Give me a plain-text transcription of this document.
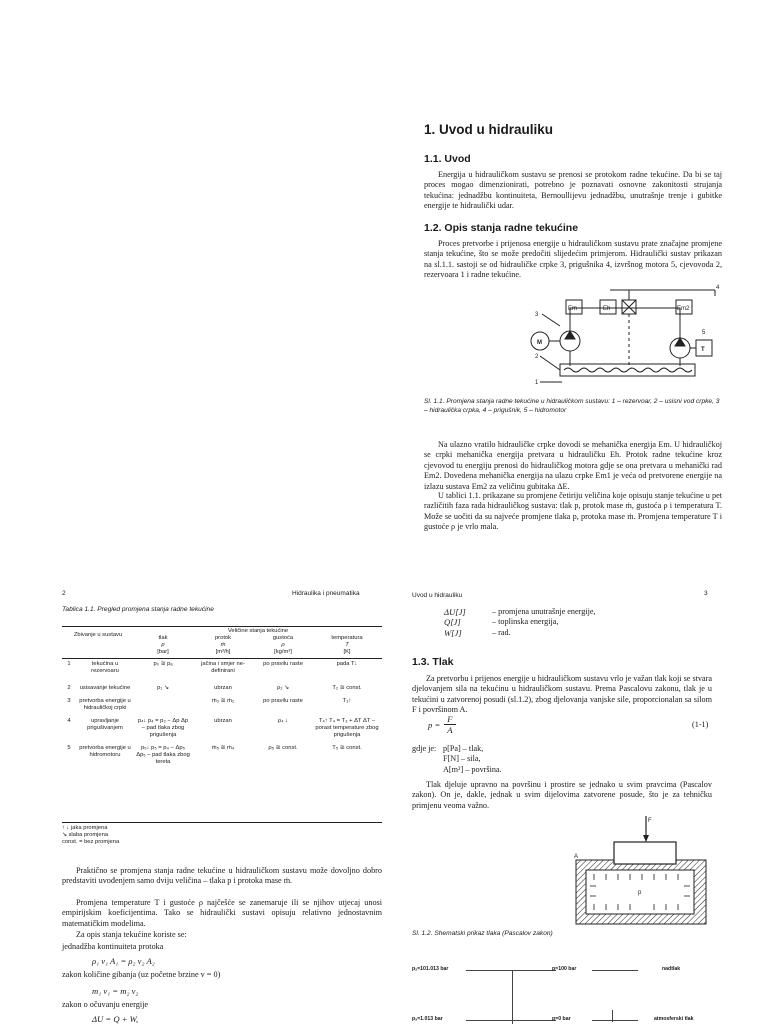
1. Uvod u hidrauliku
1.1. Uvod
Energija u hidrauličkom sustavu se prenosi se protokom radne tekućine. Da bi se taj proces mogao dimenzionirati, potrebno je poznavati osnovne zakonitosti strujanja tekućina: jednadžbu kontinuiteta, Bernoullijevu jednadžbu, unutrašnje trenje i gubitke energije te hidraulički udar.
1.2. Opis stanja radne tekućine
Proces pretvorbe i prijenosa energije u hidrauličkom sustavu prate značajne promjene stanja tekućine, što se može predočiti slijedećim primjerom. Hidraulički sustav prikazan na sl.1.1. sastoji se od hidrauličke crpke 3, prigušnika 4, izvršnog motora 5, cjevovoda 2, rezervoara 1 i radne tekućine.
3
2
1
4
5
M
T
Em	Eh	Em2
Sl. 1.1. Promjena stanja radne tekućine u hidrauličkom sustavu: 1 – rezervoar, 2 – usisni vod crpke, 3 – hidraulička crpka, 4 – prigušnik, 5 – hidromotor
Na ulazno vratilo hidrauličke crpke dovodi se mehanička energija Em. U hidrauličkoj se crpki mehanička energija pretvara u hidrauličku Eh. Protok radne tekućine kroz cjevovod tu energiju prenosi do hidrauličkog motora gdje se ona pretvara u mehanički rad Em2. Dovedena mehanička energija na ulazu crpke Em1 je veća od pretvorene energije na izlazu sustava Em2 za veličinu gubitaka ΔE.
U tablici 1.1. prikazane su promjene četiriju veličina koje opisuju stanje tekućine u pet različitih faza rada hidrauličkog sustava: tlak p, protok mase ṁ, gustoća ρ i temperatura T. Može se uočiti da su najveće promjene tlaka p, protoka mase ṁ. Promjena temperature T i gustoće ρ je vrlo mala.
2	Hidraulika i pneumatika
Tablica 1.1. Pregled promjena stanja radne tekućine
Zbivanje u sustavu		Veličine stanja tekućine			
		tlak
p
[bar]	protok
ṁ
[m³/h]	gustoća
ρ
[kg/m³]	temperatura
T
[K]

1	tekućina u rezervoaru	p₀ ≅ pₐ	jačina i smjer ne-definirani	po pravilu raste	pada T↓

2	usisavanje tekućine	p₁ ↘	ubrzan	ρ₂ ↘	T₂ ≅ const.

3	pretvorba energije u hidrauličkoj crpki		ṁ₃ ≅ ṁ₂	po pravilu raste	T₃↑

4	upravljanje prigušivanjem	p₄↓ p₄ = p₃ − Δp Δp – pad tlaka zbog prigušenja	ubrzan	ρ₄ ↓	T₄↑ T₄ = T₃ + ΔT ΔT – porast temperature zbog prigušenja

5	pretvorba energije u hidromotoru	p₅↓ p₅ = p₄ − Δp₅ Δp₅ – pad tlaka zbog tereta	ṁ₅ ≅ ṁ₄	ρ₅ ≅ const.	T₅ ≅ const.
↑ ↓ jaka promjena
↘ slaba promjena
const. = bez promjena
Praktično se promjena stanja radne tekućine u hidrauličkom sustavu može dovoljno dobro predstaviti uvođenjem samo dviju veličina – tlaka p i protoka mase ṁ.
Promjena temperature T i gustoće ρ najčešće se zanemaruje ili se njihov utjecaj unosi empirijskim koeficijentima. Tako se hidraulički sustavi opisuju relativno jednostavnim matematičkim modelima.
Za opis stanja tekućine koriste se:
jednadžba kontinuiteta protoka
ρ₁ v₁ A₁ = ρ₂ v₂ A₂
zakon količine gibanja (uz početne brzine v = 0)
m₁ v₁ = m₂ v₂
zakon o očuvanju energije
ΔU = Q + W,
Uvod u hidrauliku	3
ΔU[J]	– promjena unutrašnje energije,
Q[J]	– toplinska energija,
W[J]	– rad.
1.3. Tlak
Za pretvorbu i prijenos energije u hidrauličkom sustavu vrlo je važan tlak koji se stvara djelovanjem sila na tekućinu u hidrauličkom sustavu. Prema Pascalovu zakonu, tlak je u tekućini u zatvorenoj posudi (sl.1.2), zbog djelovanja vanjske sile, proporcionalan sa silom F i površinom A.
$p = \frac{F}{A}$	(1-1)
gdje je: p[Pa] – tlak,
F[N] – sila,
A[m²] – površina.
Tlak djeluje upravno na površinu i prostire se jednako u svim pravcima (Pascalov zakon). On je, dakle, jednak u svim dijelovima zatvorene posude, što je za tehničku primjenu veoma važno.
F
A
p
Sl. 1.2. Shematski prikaz tlaka (Pascalov zakon)
pₐ=101.013 bar
pₐ=1.013 bar
p=100 bar
p=0 bar
nadtlak
atmosferski tlak
